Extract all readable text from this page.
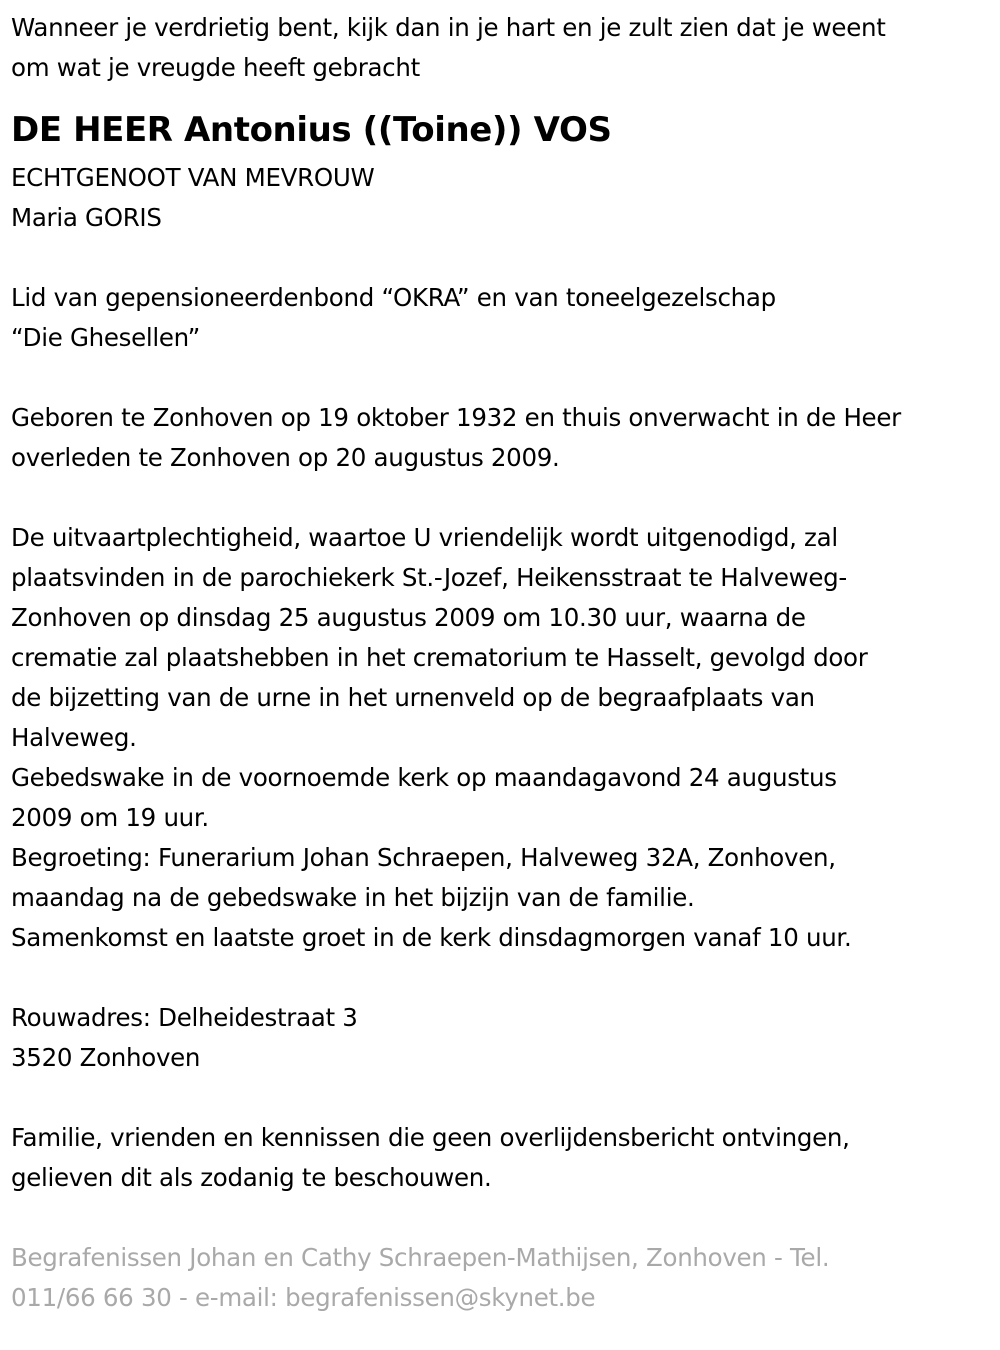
Wanneer je verdrietig bent, kijk dan in je hart en je zult zien dat je weent
om wat je vreugde heeft gebracht
DE HEER Antonius ((Toine)) VOS
ECHTGENOOT VAN MEVROUW
Maria GORIS
Lid van gepensioneerdenbond “OKRA” en van toneelgezelschap
“Die Ghesellen”
Geboren te Zonhoven op 19 oktober 1932 en thuis onverwacht in de Heer
overleden te Zonhoven op 20 augustus 2009.
De uitvaartplechtigheid, waartoe U vriendelijk wordt uitgenodigd, zal
plaatsvinden in de parochiekerk St.-Jozef, Heikensstraat te Halveweg-
Zonhoven op dinsdag 25 augustus 2009 om 10.30 uur, waarna de
crematie zal plaatshebben in het crematorium te Hasselt, gevolgd door
de bijzetting van de urne in het urnenveld op de begraafplaats van
Halveweg.
Gebedswake in de voornoemde kerk op maandagavond 24 augustus
2009 om 19 uur.
Begroeting: Funerarium Johan Schraepen, Halveweg 32A, Zonhoven,
maandag na de gebedswake in het bijzijn van de familie.
Samenkomst en laatste groet in de kerk dinsdagmorgen vanaf 10 uur.
Rouwadres: Delheidestraat 3
3520 Zonhoven
Familie, vrienden en kennissen die geen overlijdensbericht ontvingen,
gelieven dit als zodanig te beschouwen.
Begrafenissen Johan en Cathy Schraepen-Mathijsen, Zonhoven - Tel.
011/66 66 30 - e-mail: begrafenissen@skynet.be
